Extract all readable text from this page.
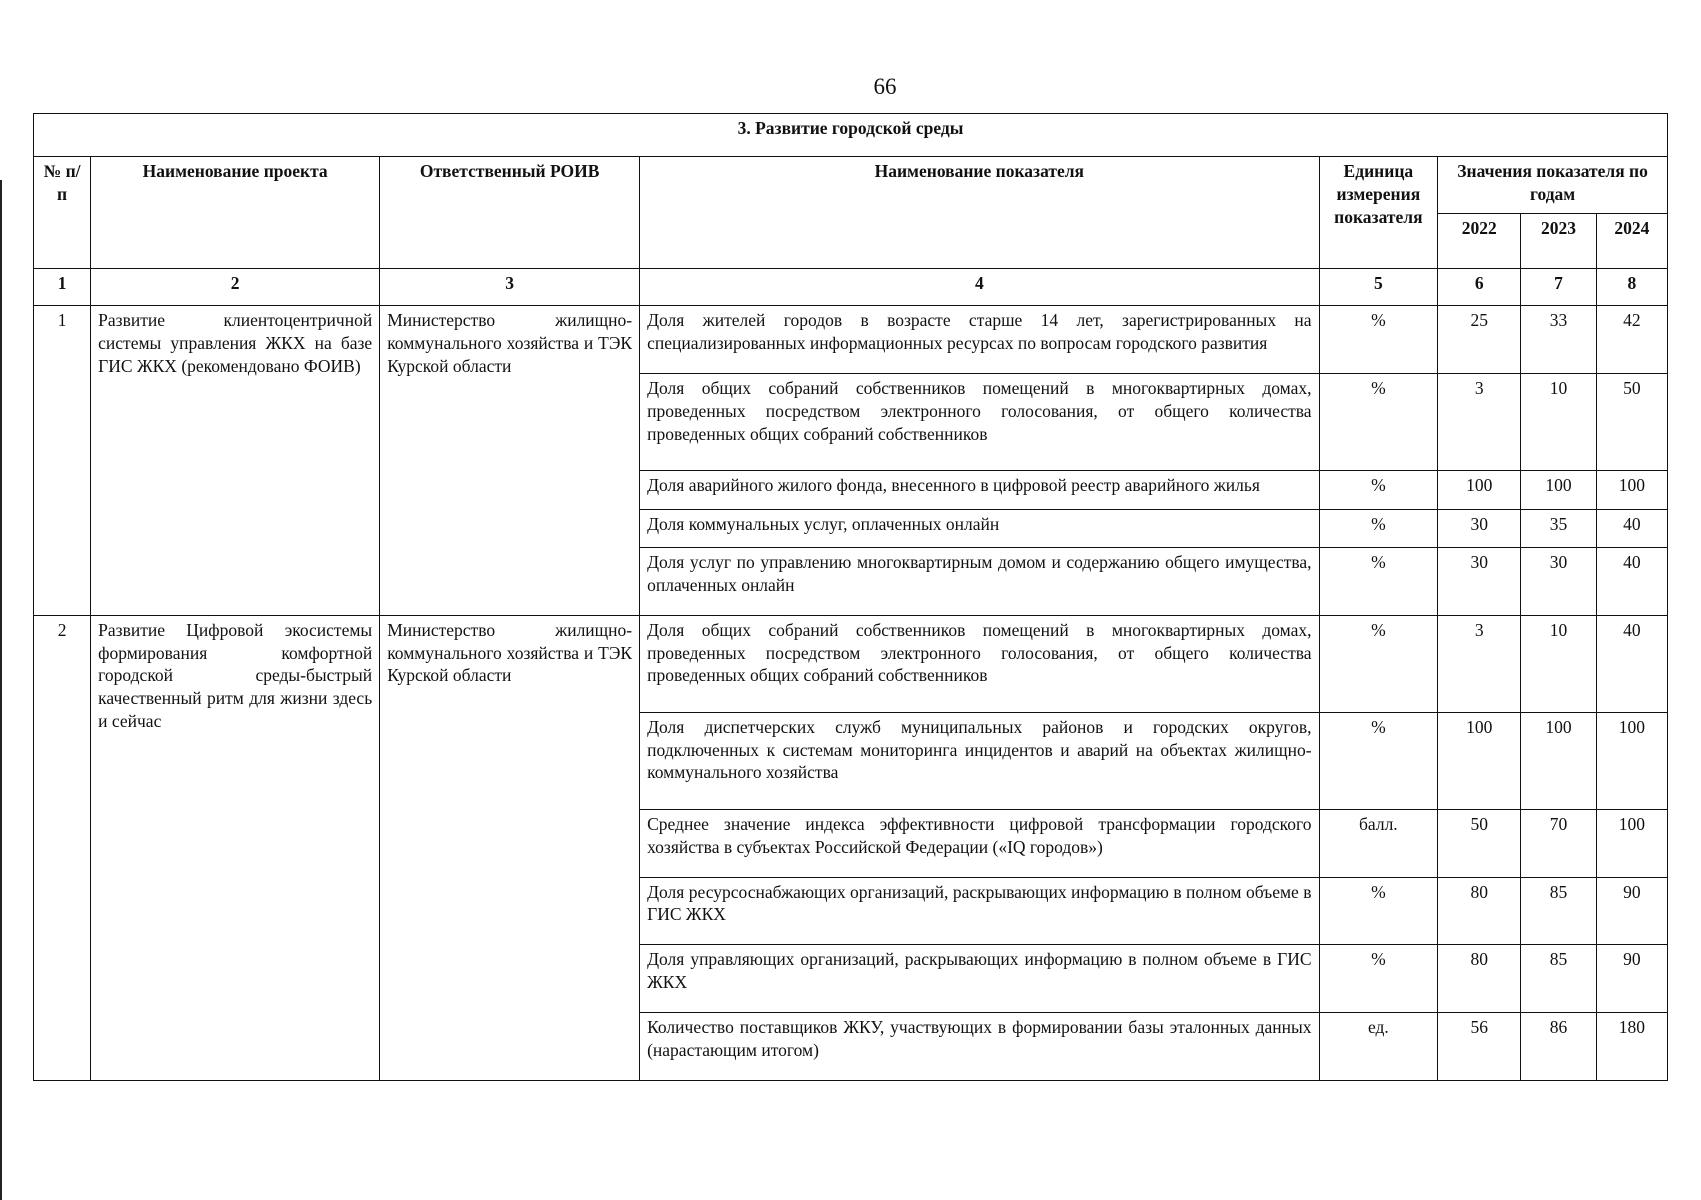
66
3. Развитие городской среды							
№ п/п	Наименование проекта	Ответственный РОИВ	Наименование показателя	Единица измерения показателя	Значения показателя по годам		
					2022	2023	2024
1	2	3	4	5	6	7	8
1	Развитие клиентоцентричной системы управления ЖКХ на базе ГИС ЖКХ (рекомендовано ФОИВ)	Министерство жилищно-коммунального хозяйства и ТЭК Курской области	Доля жителей городов в возрасте старше 14 лет, зарегистрированных на специализированных информационных ресурсах по вопросам городского развития	%	25	33	42
			Доля общих собраний собственников помещений в многоквартирных домах, проведенных посредством электронного голосования, от общего количества проведенных общих собраний собственников	%	3	10	50
			Доля аварийного жилого фонда, внесенного в цифровой реестр аварийного жилья	%	100	100	100
			Доля коммунальных услуг, оплаченных онлайн	%	30	35	40
			Доля услуг по управлению многоквартирным домом и содержанию общего имущества, оплаченных онлайн	%	30	30	40
2	Развитие Цифровой экосистемы формирования комфортной городской среды-быстрый качественный ритм для жизни здесь и сейчас	Министерство жилищно-коммунального хозяйства и ТЭК Курской области	Доля общих собраний собственников помещений в многоквартирных домах, проведенных посредством электронного голосования, от общего количества проведенных общих собраний собственников	%	3	10	40
			Доля диспетчерских служб муниципальных районов и городских округов, подключенных к системам мониторинга инцидентов и аварий на объектах жилищно-коммунального хозяйства	%	100	100	100
			Среднее значение индекса эффективности цифровой трансформации городского хозяйства в субъектах Российской Федерации («IQ городов»)	балл.	50	70	100
			Доля ресурсоснабжающих организаций, раскрывающих информацию в полном объеме в ГИС ЖКХ	%	80	85	90
			Доля управляющих организаций, раскрывающих информацию в полном объеме в ГИС ЖКХ	%	80	85	90
			Количество поставщиков ЖКУ, участвующих в формировании базы эталонных данных (нарастающим итогом)	ед.	56	86	180
